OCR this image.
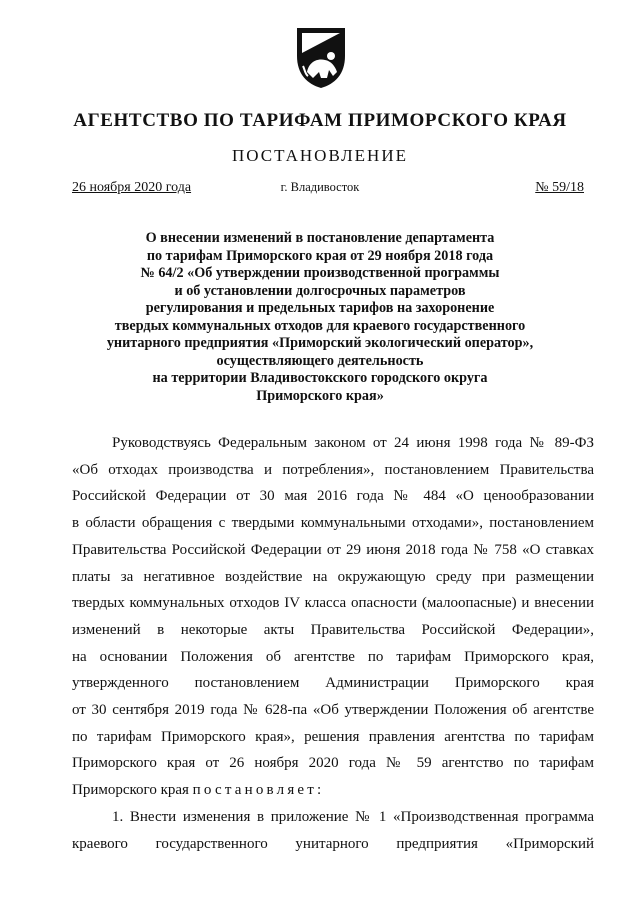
АГЕНТСТВО ПО ТАРИФАМ ПРИМОРСКОГО КРАЯ
ПОСТАНОВЛЕНИЕ
26 ноября 2020 года	г. Владивосток	№ 59/18
О внесении изменений в постановление департамента
по тарифам Приморского края от 29 ноября 2018 года
№ 64/2 «Об утверждении производственной программы
и об установлении долгосрочных параметров
регулирования и предельных тарифов на захоронение
твердых коммунальных отходов для краевого государственного
унитарного предприятия «Приморский экологический оператор»,
осуществляющего деятельность
на территории Владивостокского городского округа
Приморского края»
Руководствуясь Федеральным законом от 24 июня 1998 года № 89-ФЗ
«Об отходах производства и потребления», постановлением Правительства
Российской Федерации от 30 мая 2016 года № 484 «О ценообразовании
в области обращения с твердыми коммунальными отходами», постановлением
Правительства Российской Федерации от 29 июня 2018 года № 758 «О ставках
платы за негативное воздействие на окружающую среду при размещении
твердых коммунальных отходов IV класса опасности (малоопасные) и внесении
изменений в некоторые акты Правительства Российской Федерации»,
на основании Положения об агентстве по тарифам Приморского края,
утвержденного постановлением Администрации Приморского края
от 30 сентября 2019 года № 628-па «Об утверждении Положения об агентстве
по тарифам Приморского края», решения правления агентства по тарифам
Приморского края от 26 ноября 2020 года № 59 агентство по тарифам
Приморского края постановляет:
1. Внести изменения в приложение № 1 «Производственная программа
краевого государственного унитарного предприятия «Приморский
